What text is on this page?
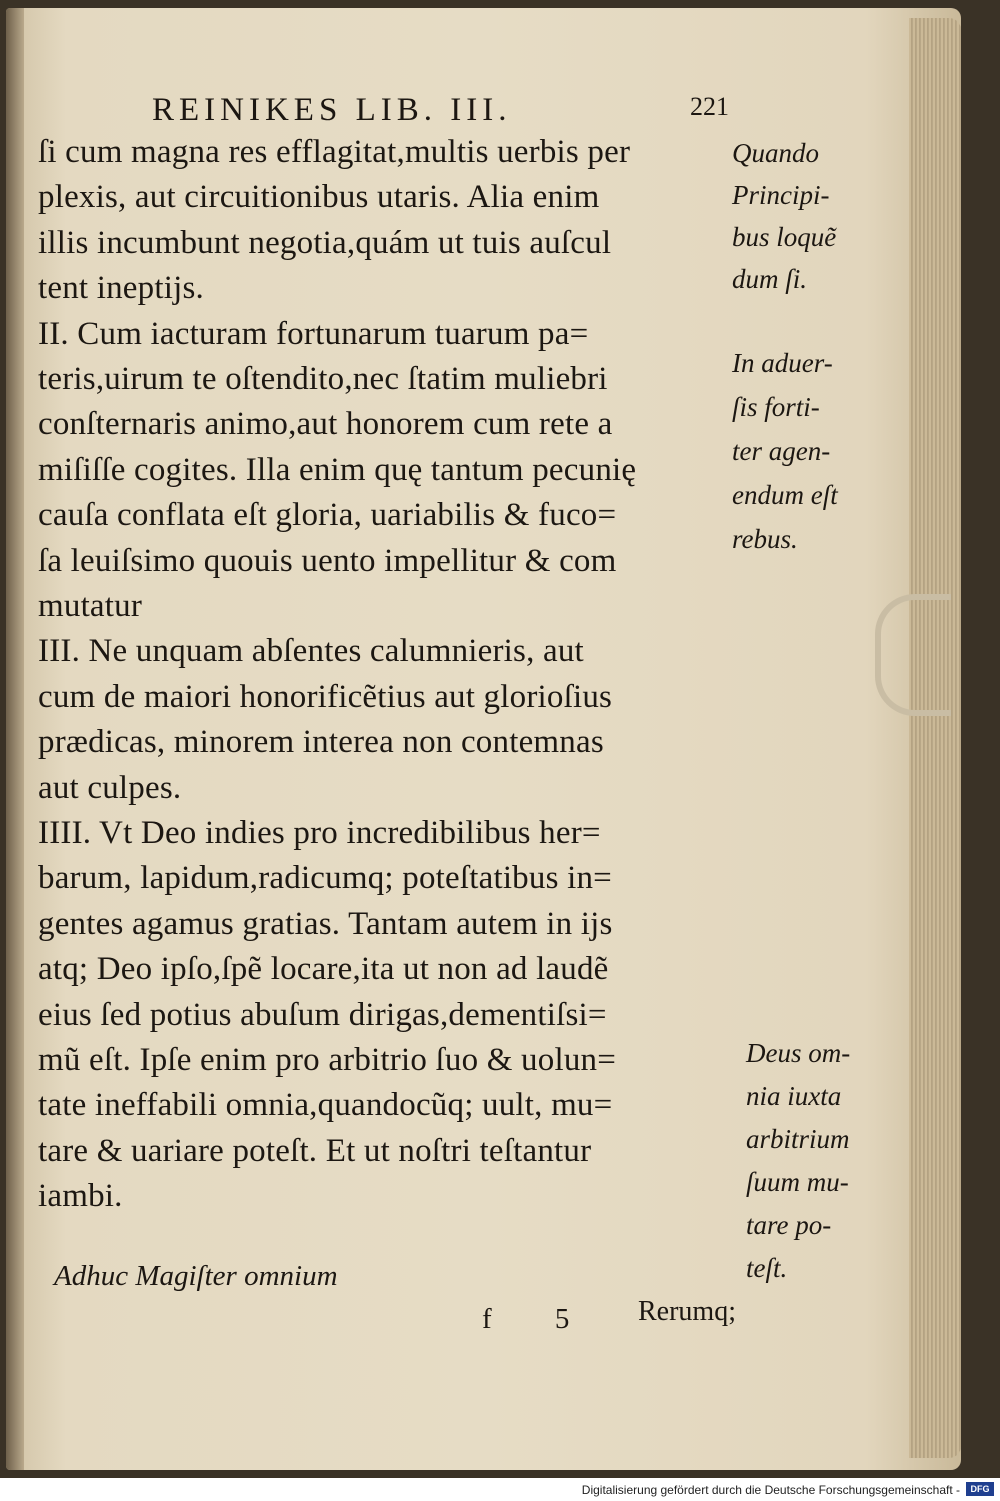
REINIKES LIB. III.	221
ſi cum magna res efflagitat,multis uerbis per
plexis, aut circuitionibus utaris. Alia enim
illis incumbunt negotia,quám ut tuis auſcul
tent ineptijs.
II. Cum iacturam fortunarum tuarum pa=
teris,uirum te oſtendito,nec ſtatim muliebri
conſternaris animo,aut honorem cum rete a
miſiſſe cogites. Illa enim quę tantum pecunię
cauſa conflata eſt gloria, uariabilis & fuco=
ſa leuiſsimo quouis uento impellitur & com
mutatur
III. Ne unquam abſentes calumnieris, aut
cum de maiori honorificẽtius aut glorioſius
prædicas, minorem interea non contemnas
aut culpes.
IIII. Vt Deo indies pro incredibilibus her=
barum, lapidum,radicumq; poteſtatibus in=
gentes agamus gratias. Tantam autem in ijs
atq; Deo ipſo,ſpẽ locare,ita ut non ad laudẽ
eius ſed potius abuſum dirigas,dementiſsi=
mũ eſt. Ipſe enim pro arbitrio ſuo & uolun=
tate ineffabili omnia,quandocũq; uult, mu=
tare & uariare poteſt. Et ut noſtri teſtantur
iambi.
Quando
Principi-
bus loquẽ
dum ſi.
In aduer-
ſis forti-
ter agen-
endum eſt
rebus.
Deus om-
nia iuxta
arbitrium
ſuum mu-
tare po-
teſt.
Adhuc Magiſter omnium
f 5 Rerumq;
Digitalisierung gefördert durch die Deutsche Forschungsgemeinschaft -	DFG
